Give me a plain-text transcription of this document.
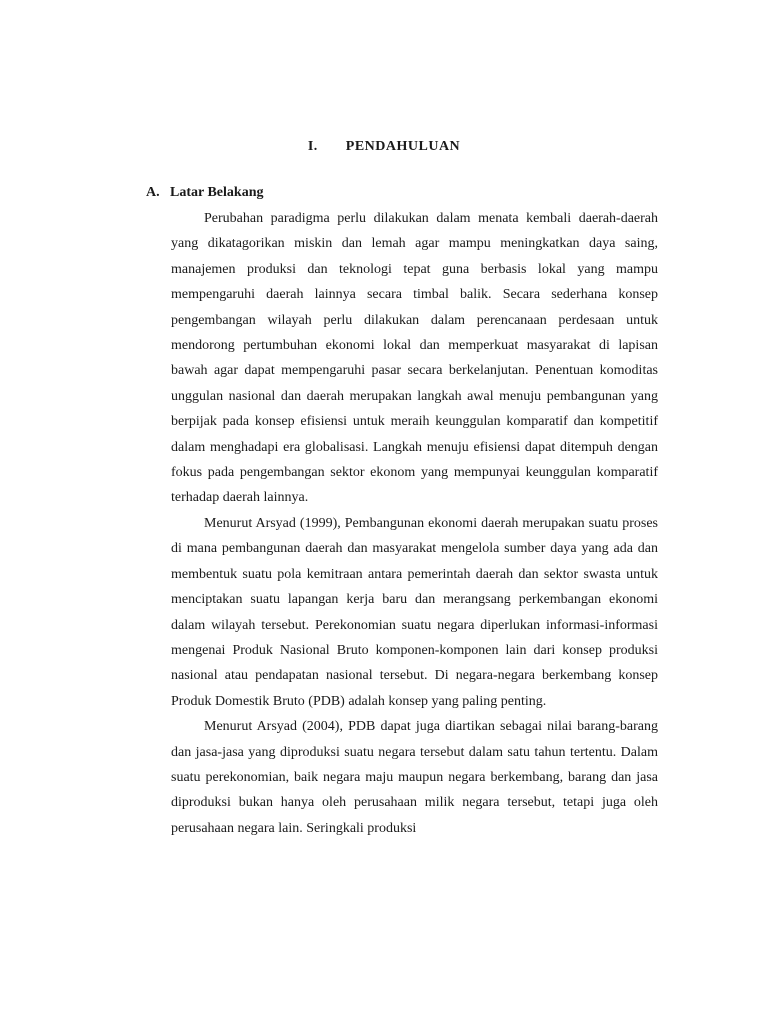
I. PENDAHULUAN
A. Latar Belakang

Perubahan paradigma perlu dilakukan dalam menata kembali daerah-daerah yang dikatagorikan miskin dan lemah agar mampu meningkatkan daya saing, manajemen produksi dan teknologi tepat guna berbasis lokal yang mampu mempengaruhi daerah lainnya secara timbal balik. Secara sederhana konsep pengembangan wilayah perlu dilakukan dalam perencanaan perdesaan untuk mendorong pertumbuhan ekonomi lokal dan memperkuat masyarakat di lapisan bawah agar dapat mempengaruhi pasar secara berkelanjutan. Penentuan komoditas unggulan nasional dan daerah merupakan langkah awal menuju pembangunan yang berpijak pada konsep efisiensi untuk meraih keunggulan komparatif dan kompetitif dalam menghadapi era globalisasi. Langkah menuju efisiensi dapat ditempuh dengan fokus pada pengembangan sektor ekonom yang mempunyai keunggulan komparatif terhadap daerah lainnya.

Menurut Arsyad (1999), Pembangunan ekonomi daerah merupakan suatu proses di mana pembangunan daerah dan masyarakat mengelola sumber daya yang ada dan membentuk suatu pola kemitraan antara pemerintah daerah dan sektor swasta untuk menciptakan suatu lapangan kerja baru dan merangsang perkembangan ekonomi dalam wilayah tersebut. Perekonomian suatu negara diperlukan informasi-informasi mengenai Produk Nasional Bruto komponen-komponen lain dari konsep produksi nasional atau pendapatan nasional tersebut. Di negara-negara berkembang konsep Produk Domestik Bruto (PDB) adalah konsep yang paling penting.

Menurut Arsyad (2004), PDB dapat juga diartikan sebagai nilai barang-barang dan jasa-jasa yang diproduksi suatu negara tersebut dalam satu tahun tertentu. Dalam suatu perekonomian, baik negara maju maupun negara berkembang, barang dan jasa diproduksi bukan hanya oleh perusahaan milik negara tersebut, tetapi juga oleh perusahaan negara lain. Seringkali produksi
